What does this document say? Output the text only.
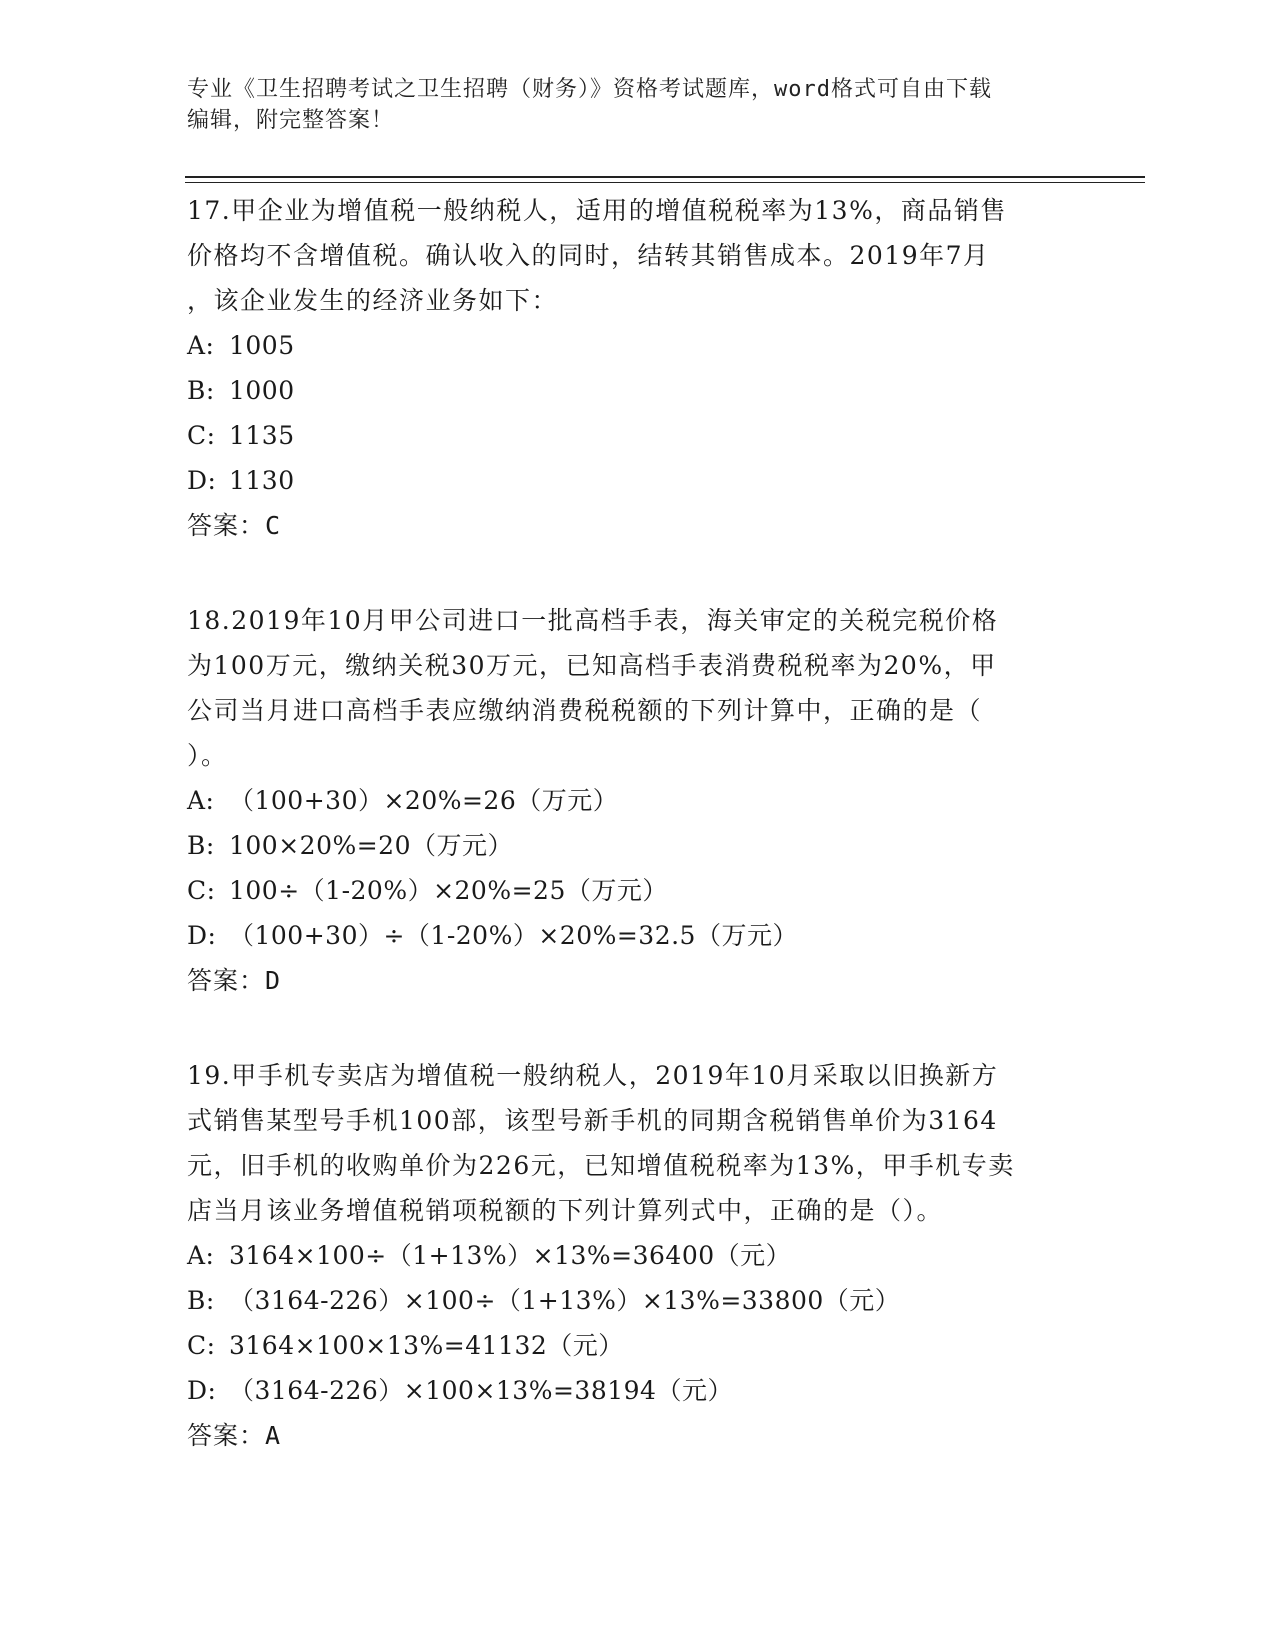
专业《卫生招聘考试之卫生招聘（财务）》资格考试题库，word格式可自由下载
编辑，附完整答案！

17.甲企业为增值税一般纳税人，适用的增值税税率为13%，商品销售

价格均不含增值税。确认收入的同时，结转其销售成本。2019年7月

，该企业发生的经济业务如下：

A: 1005

B: 1000

C: 1135

D: 1130

答案：C

18.2019年10月甲公司进口一批高档手表，海关审定的关税完税价格

为100万元，缴纳关税30万元，已知高档手表消费税税率为20%，甲

公司当月进口高档手表应缴纳消费税税额的下列计算中，正确的是（

）。

A: （100+30）×20%=26（万元）

B: 100×20%=20（万元）

C: 100÷（1-20%）×20%=25（万元）

D: （100+30）÷（1-20%）×20%=32.5（万元）

答案：D

19.甲手机专卖店为增值税一般纳税人，2019年10月采取以旧换新方

式销售某型号手机100部，该型号新手机的同期含税销售单价为3164

元，旧手机的收购单价为226元，已知增值税税率为13%，甲手机专卖

店当月该业务增值税销项税额的下列计算列式中，正确的是（）。

A: 3164×100÷（1+13%）×13%=36400（元）

B: （3164-226）×100÷（1+13%）×13%=33800（元）

C: 3164×100×13%=41132（元）

D: （3164-226）×100×13%=38194（元）

答案：A
